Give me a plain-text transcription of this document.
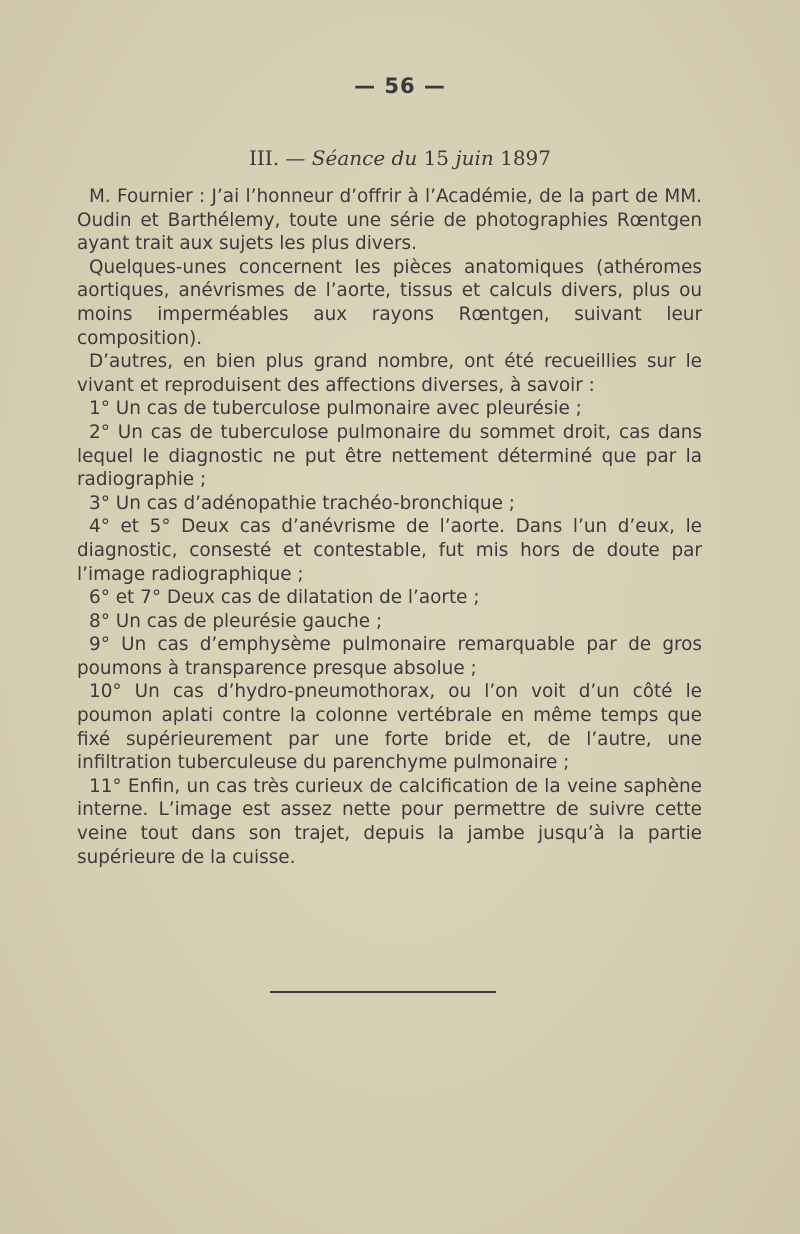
— 56 —
III. — Séance du 15 juin 1897

M. Fournier : J’ai l’honneur d’offrir à l’Académie, de la part de MM. Oudin et Barthélemy, toute une série de photographies Rœntgen ayant trait aux sujets les plus divers.

Quelques-unes concernent les pièces anatomiques (athéromes aortiques, anévrismes de l’aorte, tissus et calculs divers, plus ou moins imperméables aux rayons Rœntgen, suivant leur composition).

D’autres, en bien plus grand nombre, ont été recueillies sur le vivant et reproduisent des affections diverses, à savoir :

1° Un cas de tuberculose pulmonaire avec pleurésie ;

2° Un cas de tuberculose pulmonaire du sommet droit, cas dans lequel le diagnostic ne put être nettement déterminé que par la radiographie ;

3° Un cas d’adénopathie trachéo-bronchique ;

4° et 5° Deux cas d’anévrisme de l’aorte. Dans l’un d’eux, le diagnostic, consesté et contestable, fut mis hors de doute par l’image radiographique ;

6° et 7° Deux cas de dilatation de l’aorte ;

8° Un cas de pleurésie gauche ;

9° Un cas d’emphysème pulmonaire remarquable par de gros poumons à transparence presque absolue ;

10° Un cas d’hydro-pneumothorax, ou l’on voit d’un côté le poumon aplati contre la colonne vertébrale en même temps que fixé supérieurement par une forte bride et, de l’autre, une infiltration tuberculeuse du parenchyme pulmonaire ;

11° Enfin, un cas très curieux de calcification de la veine saphène interne. L’image est assez nette pour permettre de suivre cette veine tout dans son trajet, depuis la jambe jusqu’à la partie supérieure de la cuisse.
